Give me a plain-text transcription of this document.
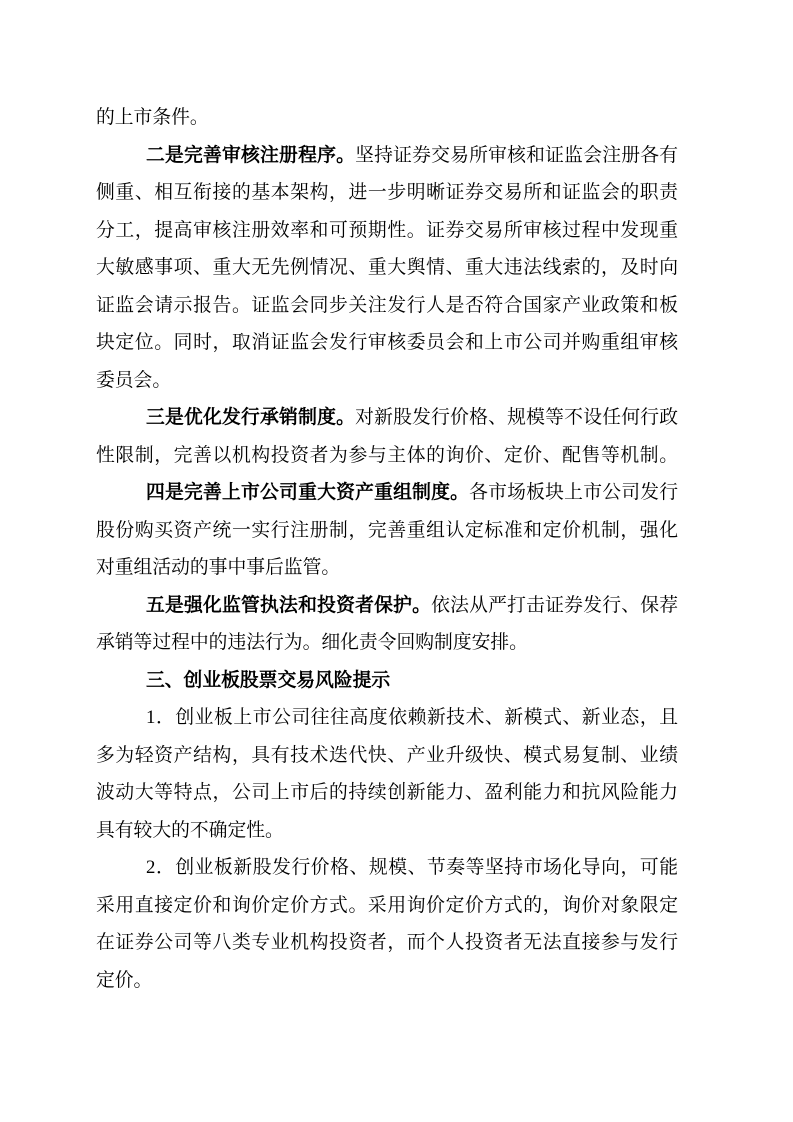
的上市条件。
二是完善审核注册程序。坚持证券交易所审核和证监会注册各有
侧重、相互衔接的基本架构，进一步明晰证券交易所和证监会的职责
分工，提高审核注册效率和可预期性。证券交易所审核过程中发现重
大敏感事项、重大无先例情况、重大舆情、重大违法线索的，及时向
证监会请示报告。证监会同步关注发行人是否符合国家产业政策和板
块定位。同时，取消证监会发行审核委员会和上市公司并购重组审核
委员会。
三是优化发行承销制度。对新股发行价格、规模等不设任何行政
性限制，完善以机构投资者为参与主体的询价、定价、配售等机制。
四是完善上市公司重大资产重组制度。各市场板块上市公司发行
股份购买资产统一实行注册制，完善重组认定标准和定价机制，强化
对重组活动的事中事后监管。
五是强化监管执法和投资者保护。依法从严打击证券发行、保荐
承销等过程中的违法行为。细化责令回购制度安排。
三、创业板股票交易风险提示
1．创业板上市公司往往高度依赖新技术、新模式、新业态，且
多为轻资产结构，具有技术迭代快、产业升级快、模式易复制、业绩
波动大等特点，公司上市后的持续创新能力、盈利能力和抗风险能力
具有较大的不确定性。
2．创业板新股发行价格、规模、节奏等坚持市场化导向，可能
采用直接定价和询价定价方式。采用询价定价方式的，询价对象限定
在证券公司等八类专业机构投资者，而个人投资者无法直接参与发行
定价。
